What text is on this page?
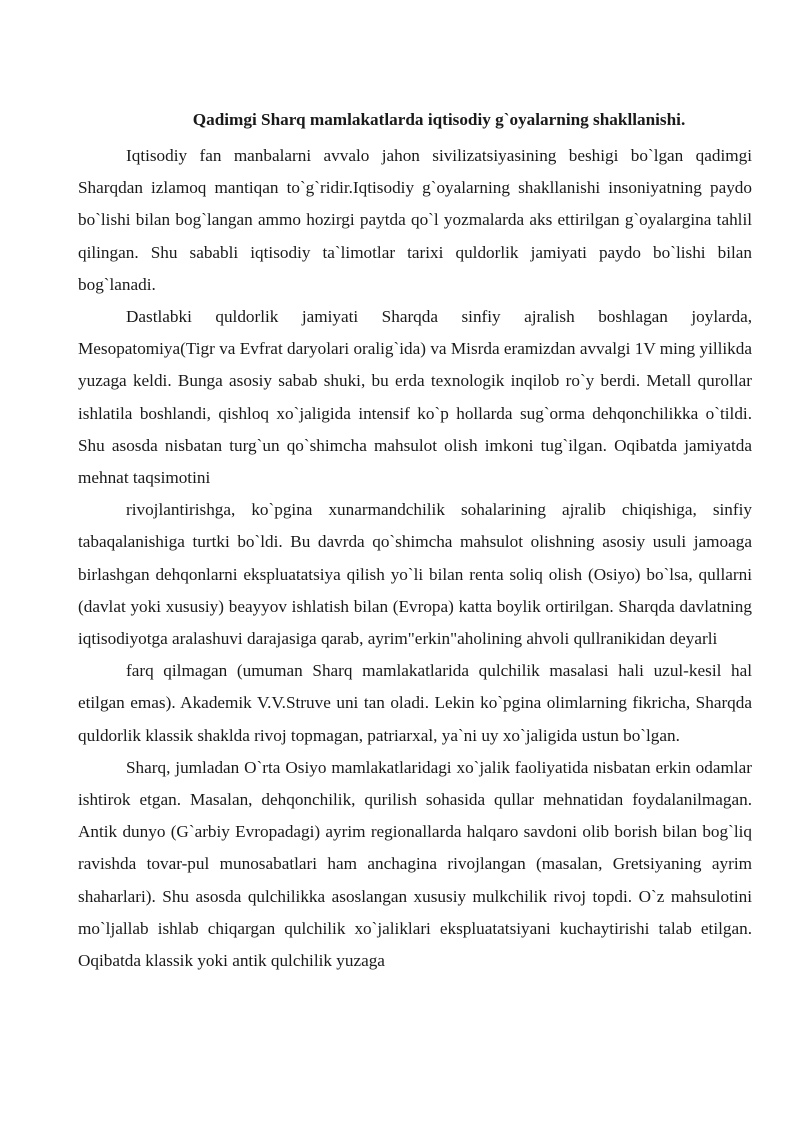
Qadimgi Sharq mamlakatlarda iqtisodiy g`oyalarning shakllanishi.

Iqtisodiy fan manbalarni avvalo jahon sivilizatsiyasining beshigi bo`lgan qadimgi Sharqdan izlamoq mantiqan to`g`ridir.Iqtisodiy g`oyalarning shakllanishi insoniyatning paydo bo`lishi bilan bog`langan ammo hozirgi paytda qo`l yozmalarda aks ettirilgan g`oyalargina tahlil qilingan. Shu sababli iqtisodiy ta`limotlar tarixi quldorlik jamiyati paydo bo`lishi bilan bog`lanadi.

Dastlabki quldorlik jamiyati Sharqda sinfiy ajralish boshlagan joylarda, Mesopatomiya(Tigr va Evfrat daryolari oralig`ida) va Misrda eramizdan avvalgi 1V ming yillikda yuzaga keldi. Bunga asosiy sabab shuki, bu erda texnologik inqilob ro`y berdi. Metall qurollar ishlatila boshlandi, qishloq xo`jaligida intensif ko`p hollarda sug`orma dehqonchilikka o`tildi. Shu asosda nisbatan turg`un qo`shimcha mahsulot olish imkoni tug`ilgan. Oqibatda jamiyatda mehnat taqsimotini

rivojlantirishga, ko`pgina xunarmandchilik sohalarining ajralib chiqishiga, sinfiy tabaqalanishiga turtki bo`ldi. Bu davrda qo`shimcha mahsulot olishning asosiy usuli jamoaga birlashgan dehqonlarni ekspluatatsiya qilish yo`li bilan renta soliq olish (Osiyo) bo`lsa, qullarni (davlat yoki xususiy) beayyov ishlatish bilan (Evropa) katta boylik ortirilgan. Sharqda davlatning iqtisodiyotga aralashuvi darajasiga qarab, ayrim"erkin"aholining ahvoli qullranikidan deyarli

farq qilmagan (umuman Sharq mamlakatlarida qulchilik masalasi hali uzul-kesil hal etilgan emas). Akademik V.V.Struve uni tan oladi. Lekin ko`pgina olimlarning fikricha, Sharqda quldorlik klassik shaklda rivoj topmagan, patriarxal, ya`ni uy xo`jaligida ustun bo`lgan.

Sharq, jumladan O`rta Osiyo mamlakatlaridagi xo`jalik faoliyatida nisbatan erkin odamlar ishtirok etgan. Masalan, dehqonchilik, qurilish sohasida qullar mehnatidan foydalanilmagan. Antik dunyo (G`arbiy Evropadagi) ayrim regionallarda halqaro savdoni olib borish bilan bog`liq ravishda tovar-pul munosabatlari ham anchagina rivojlangan (masalan, Gretsiyaning ayrim shaharlari). Shu asosda qulchilikka asoslangan xususiy mulkchilik rivoj topdi. O`z mahsulotini mo`ljallab ishlab chiqargan qulchilik xo`jaliklari ekspluatatsiyani kuchaytirishi talab etilgan. Oqibatda klassik yoki antik qulchilik yuzaga
